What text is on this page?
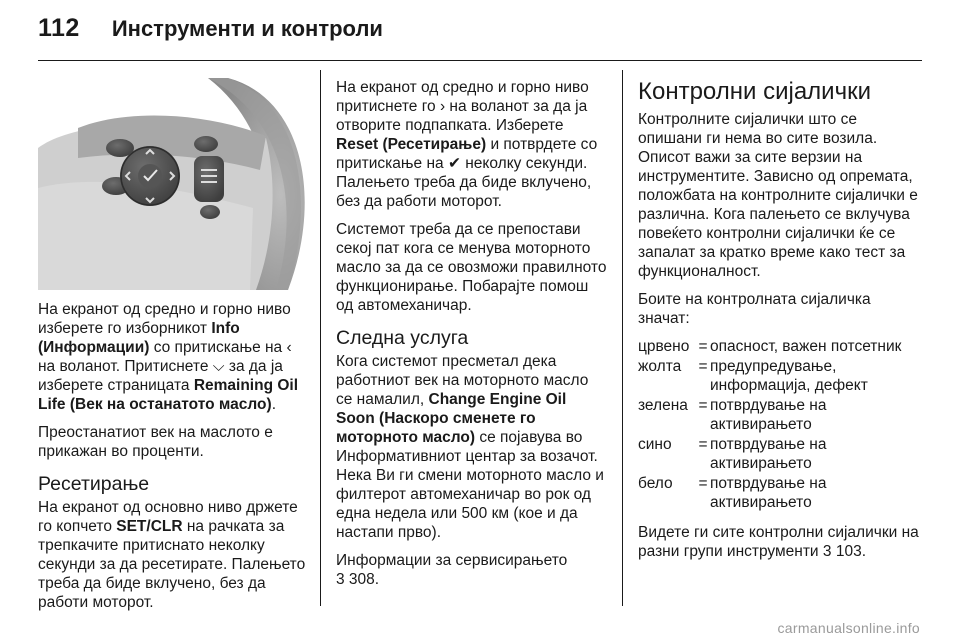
112 Инструменти и контроли

На екранот од средно и горно ниво изберете го изборникот Info (Информации) со притискање на ‹ на воланот. Притиснете ⌵ за да ја изберете страницата Remaining Oil Life (Век на останатото масло).

Преостанатиот век на маслото е прикажан во проценти.

Ресетирање

На екранот од основно ниво држете го копчето SET/CLR на рачката за трепкачите притиснато неколку секунди за да ресетирате. Палењето треба да биде вклучено, без да работи моторот.

На екранот од средно и горно ниво притиснете го › на воланот за да ја отворите подпапката. Изберете Reset (Ресетирање) и потврдете со притискање на ✔ неколку секунди. Палењето треба да биде вклучено, без да работи моторот.

Системот треба да се препостави секој пат кога се менува моторното масло за да се овозможи правилното функционирање. Побарајте помош од автомеханичар.

Следна услуга

Кога системот пресметал дека работниот век на моторното масло се намалил, Change Engine Oil Soon (Наскоро сменете го моторното масло) се појавува во Информативниот центар за возачот. Нека Ви ги смени моторното масло и филтерот автомеханичар во рок од една недела или 500 км (кое и да настапи прво).

Информации за сервисирањето
3 308.

Контролни сијалички

Контролните сијалички што се опишани ги нема во сите возила. Описот важи за сите верзии на инструментите. Зависно од опремата, положбата на контролните сијалички е различна. Кога палењето се вклучува повеќето контролни сијалички ќе се запалат за кратко време како тест за функционалност.

Боите на контролната сијаличка значат:

црвено	=	опасност, важен потсетник
жолта	=	предупредување, информација, дефект
зелена	=	потврдување на активирањето
сино	=	потврдување на активирањето
бело	=	потврдување на активирањето

Видете ги сите контролни сијалички на разни групи инструменти 3 103.

carmanualsonline.info
